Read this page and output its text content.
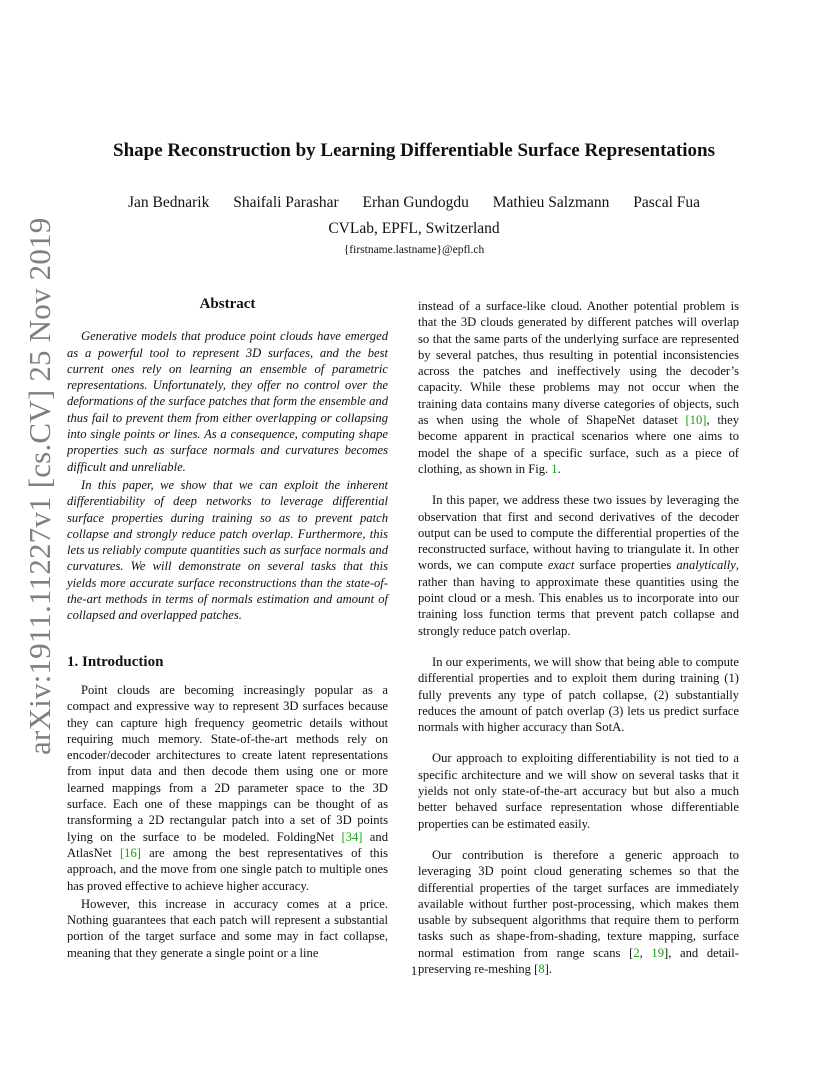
arXiv:1911.11227v1 [cs.CV] 25 Nov 2019
Shape Reconstruction by Learning Differentiable Surface Representations
Jan Bednarik Shaifali Parashar Erhan Gundogdu Mathieu Salzmann Pascal Fua
CVLab, EPFL, Switzerland
{firstname.lastname}@epfl.ch
Abstract

Generative models that produce point clouds have emerged as a powerful tool to represent 3D surfaces, and the best current ones rely on learning an ensemble of parametric representations. Unfortunately, they offer no control over the deformations of the surface patches that form the ensemble and thus fail to prevent them from either overlapping or collapsing into single points or lines. As a consequence, computing shape properties such as surface normals and curvatures becomes difficult and unreliable.

In this paper, we show that we can exploit the inherent differentiability of deep networks to leverage differential surface properties during training so as to prevent patch collapse and strongly reduce patch overlap. Furthermore, this lets us reliably compute quantities such as surface normals and curvatures. We will demonstrate on several tasks that this yields more accurate surface reconstructions than the state-of-the-art methods in terms of normals estimation and amount of collapsed and overlapped patches.

1. Introduction

Point clouds are becoming increasingly popular as a compact and expressive way to represent 3D surfaces because they can capture high frequency geometric details without requiring much memory. State-of-the-art methods rely on encoder/decoder architectures to create latent representations from input data and then decode them using one or more learned mappings from a 2D parameter space to the 3D surface. Each one of these mappings can be thought of as transforming a 2D rectangular patch into a set of 3D points lying on the surface to be modeled. FoldingNet [34] and AtlasNet [16] are among the best representatives of this approach, and the move from one single patch to multiple ones has proved effective to achieve higher accuracy.

However, this increase in accuracy comes at a price. Nothing guarantees that each patch will represent a substantial portion of the target surface and some may in fact collapse, meaning that they generate a single point or a line

instead of a surface-like cloud. Another potential problem is that the 3D clouds generated by different patches will overlap so that the same parts of the underlying surface are represented by several patches, thus resulting in potential inconsistencies across the patches and ineffectively using the decoder’s capacity. While these problems may not occur when the training data contains many diverse categories of objects, such as when using the whole of ShapeNet dataset [10], they become apparent in practical scenarios where one aims to model the shape of a specific surface, such as a piece of clothing, as shown in Fig. 1.

In this paper, we address these two issues by leveraging the observation that first and second derivatives of the decoder output can be used to compute the differential properties of the reconstructed surface, without having to triangulate it. In other words, we can compute exact surface properties analytically, rather than having to approximate these quantities using the point cloud or a mesh. This enables us to incorporate into our training loss function terms that prevent patch collapse and strongly reduce patch overlap.

In our experiments, we will show that being able to compute differential properties and to exploit them during training (1) fully prevents any type of patch collapse, (2) substantially reduces the amount of patch overlap (3) lets us predict surface normals with higher accuracy than SotA.

Our approach to exploiting differentiability is not tied to a specific architecture and we will show on several tasks that it yields not only state-of-the-art accuracy but but also a much better behaved surface representation whose differentiable properties can be estimated easily.

Our contribution is therefore a generic approach to leveraging 3D point cloud generating schemes so that the differential properties of the target surfaces are immediately available without further post-processing, which makes them usable by subsequent algorithms that require them to perform tasks such as shape-from-shading, texture mapping, surface normal estimation from range scans [2, 19], and detail-preserving re-meshing [8].

1
